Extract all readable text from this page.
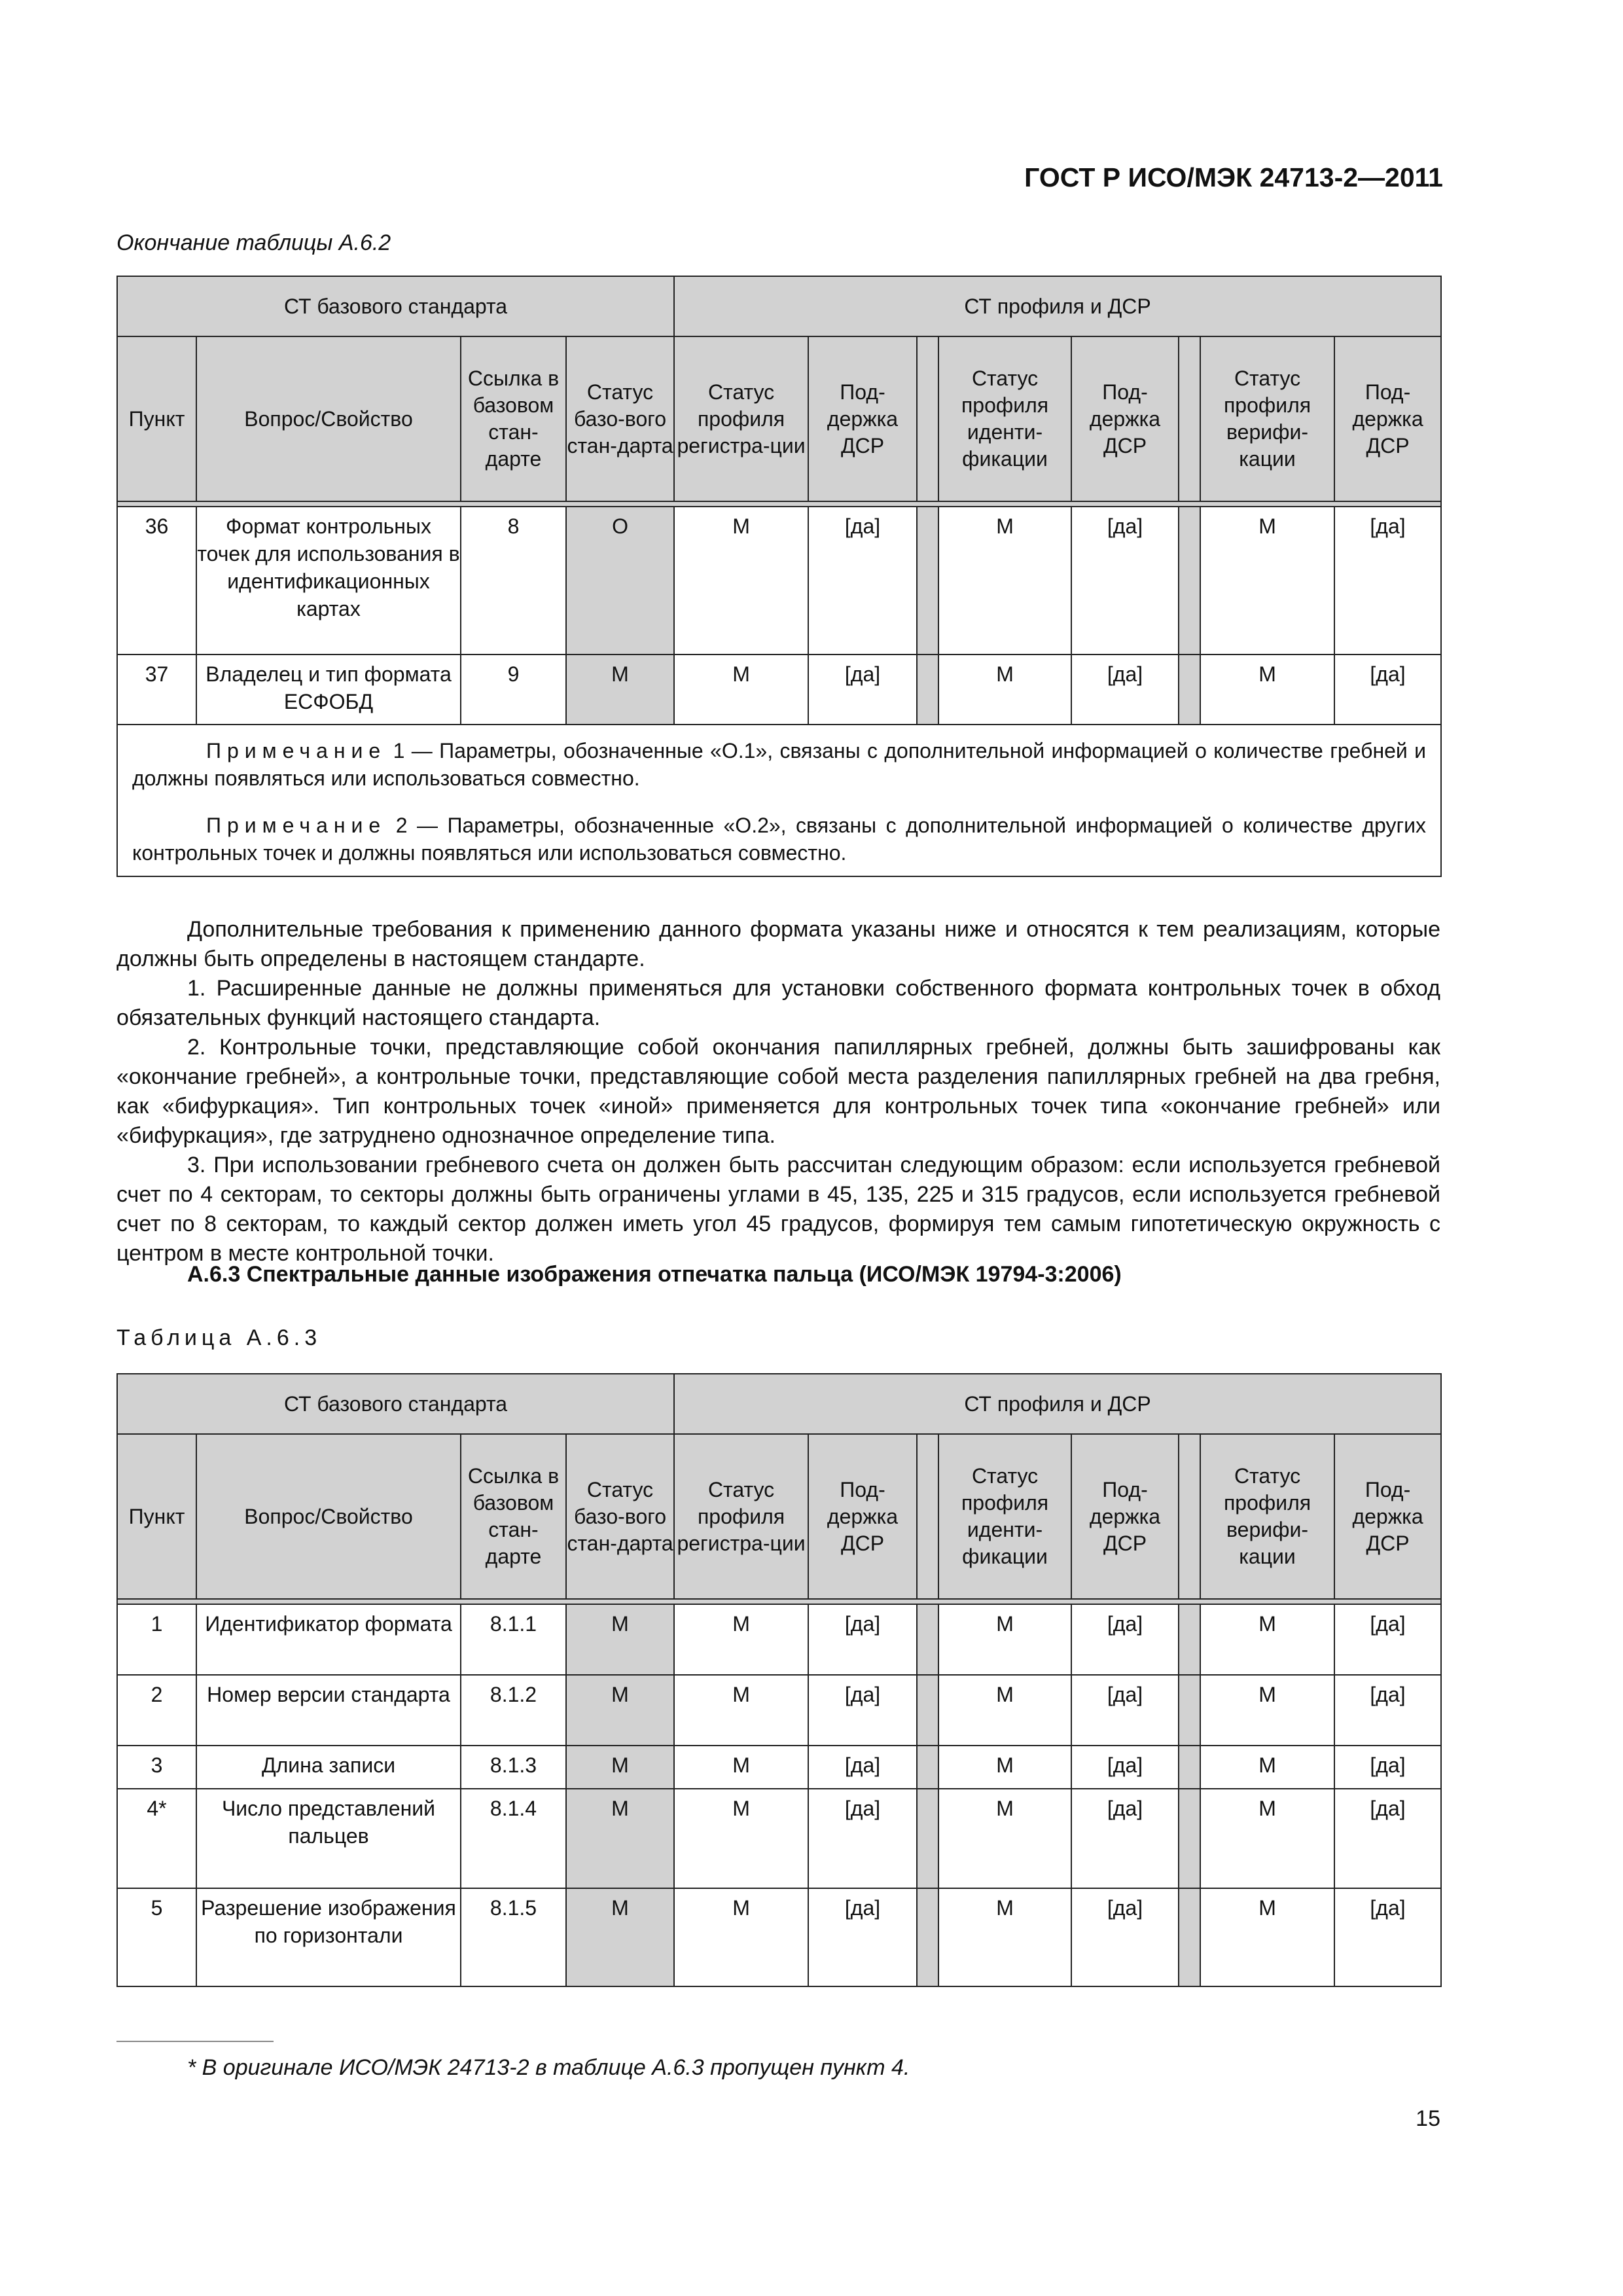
ГОСТ Р ИСО/МЭК 24713-2—2011
Окончание таблицы А.6.2
СТ базового стандарта				СТ профиля и ДСР							
Пункт	Вопрос/Свойство	Ссылка в базовом стан-дарте	Статус базо-вого стан-дарта	Статус профиля регистра-ции	Под-держка ДСР		Статус профиля иденти-фикации	Под-держка ДСР		Статус профиля верифи-кации	Под-держка ДСР

36	Формат контрольных точек для использования в идентификационных картах	8	O	M	[да]		M	[да]		M	[да]
37	Владелец и тип формата ЕСФОБД	9	M	M	[да]		M	[да]		M	[да]

Примечание 1 — Параметры, обозначенные «O.1», связаны с дополнительной информацией о количестве гребней и должны появляться или использоваться совместно.

Примечание 2 — Параметры, обозначенные «O.2», связаны с дополнительной информацией о количестве других контрольных точек и должны появляться или использоваться совместно.											

Дополнительные требования к применению данного формата указаны ниже и относятся к тем реализациям, которые должны быть определены в настоящем стандарте.

1. Расширенные данные не должны применяться для установки собственного формата контрольных точек в обход обязательных функций настоящего стандарта.

2. Контрольные точки, представляющие собой окончания папиллярных гребней, должны быть зашифрованы как «окончание гребней», а контрольные точки, представляющие собой места разделения папиллярных гребней на два гребня, как «бифуркация». Тип контрольных точек «иной» применяется для контрольных точек типа «окончание гребней» или «бифуркация», где затруднено однозначное определение типа.

3. При использовании гребневого счета он должен быть рассчитан следующим образом: если используется гребневой счет по 4 секторам, то секторы должны быть ограничены углами в 45, 135, 225 и 315 градусов, если используется гребневой счет по 8 секторам, то каждый сектор должен иметь угол 45 градусов, формируя тем самым гипотетическую окружность с центром в месте контрольной точки.

А.6.3 Спектральные данные изображения отпечатка пальца (ИСО/МЭК 19794-3:2006)
Таблица А.6.3
СТ базового стандарта				СТ профиля и ДСР							
Пункт	Вопрос/Свойство	Ссылка в базовом стан-дарте	Статус базо-вого стан-дарта	Статус профиля регистра-ции	Под-держка ДСР		Статус профиля иденти-фикации	Под-держка ДСР		Статус профиля верифи-кации	Под-держка ДСР

1	Идентификатор формата	8.1.1	M	M	[да]		M	[да]		M	[да]
2	Номер версии стандарта	8.1.2	M	M	[да]		M	[да]		M	[да]
3	Длина записи	8.1.3	M	M	[да]		M	[да]		M	[да]
4*	Число представлений пальцев	8.1.4	M	M	[да]		M	[да]		M	[да]
5	Разрешение изображения по горизонтали	8.1.5	M	M	[да]		M	[да]		M	[да]
* В оригинале ИСО/МЭК 24713-2 в таблице А.6.3 пропущен пункт 4.
15
